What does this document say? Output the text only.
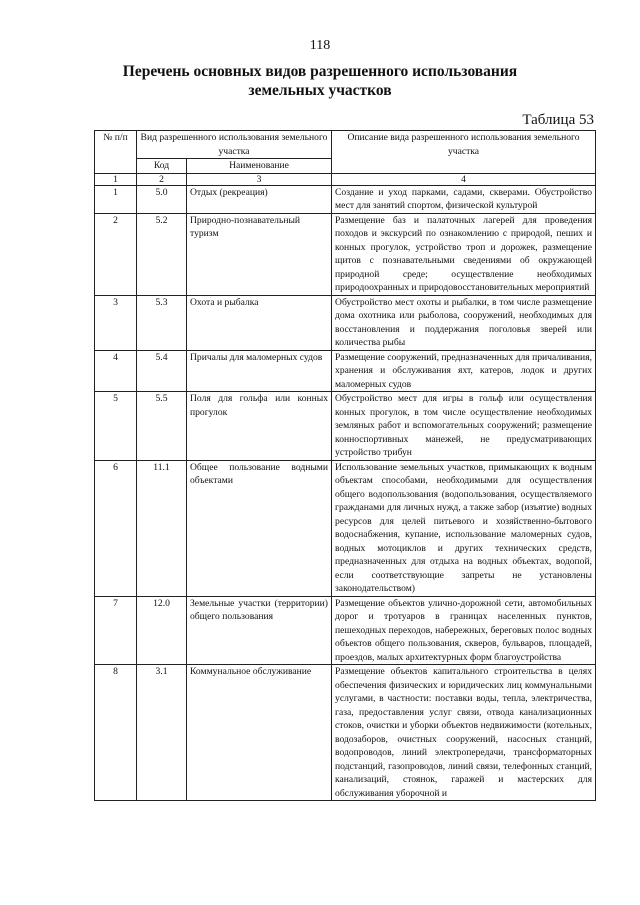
118
Перечень основных видов разрешенного использования
земельных участков
Таблица 53
№ п/п	Вид разрешенного использования земельного участка		Описание вида разрешенного использования земельного участка
	Код	Наименование	
1	2	3	4
1	5.0	Отдых (рекреация)	Создание и уход парками, садами, скверами. Обустройство мест для занятий спортом, физической культурой
2	5.2	Природно-познавательный туризм	Размещение баз и палаточных лагерей для проведения походов и экскурсий по ознакомлению с природой, пеших и конных прогулок, устройство троп и дорожек, размещение щитов с познавательными сведениями об окружающей природной среде; осуществление необходимых природоохранных и природовосстановительных мероприятий
3	5.3	Охота и рыбалка	Обустройство мест охоты и рыбалки, в том числе размещение дома охотника или рыболова, сооружений, необходимых для восстановления и поддержания поголовья зверей или количества рыбы
4	5.4	Причалы для маломерных судов	Размещение сооружений, предназначенных для причаливания, хранения и обслуживания яхт, катеров, лодок и других маломерных судов
5	5.5	Поля для гольфа или конных прогулок	Обустройство мест для игры в гольф или осуществления конных прогулок, в том числе осуществление необходимых земляных работ и вспомогательных сооружений; размещение конноспортивных манежей, не предусматривающих устройство трибун
6	11.1	Общее пользование водными объектами	Использование земельных участков, примыкающих к водным объектам способами, необходимыми для осуществления общего водопользования (водопользования, осуществляемого гражданами для личных нужд, а также забор (изъятие) водных ресурсов для целей питьевого и хозяйственно-бытового водоснабжения, купание, использование маломерных судов, водных мотоциклов и других технических средств, предназначенных для отдыха на водных объектах, водопой, если соответствующие запреты не установлены законодательством)
7	12.0	Земельные участки (территории) общего пользования	Размещение объектов улично-дорожной сети, автомобильных дорог и тротуаров в границах населенных пунктов, пешеходных переходов, набережных, береговых полос водных объектов общего пользования, скверов, бульваров, площадей, проездов, малых архитектурных форм благоустройства
8	3.1	Коммунальное обслуживание	Размещение объектов капитального строительства в целях обеспечения физических и юридических лиц коммунальными услугами, в частности: поставки воды, тепла, электричества, газа, предоставления услуг связи, отвода канализационных стоков, очистки и уборки объектов недвижимости (котельных, водозаборов, очистных сооружений, насосных станций, водопроводов, линий электропередачи, трансформаторных подстанций, газопроводов, линий связи, телефонных станций, канализаций, стоянок, гаражей и мастерских для обслуживания уборочной и
